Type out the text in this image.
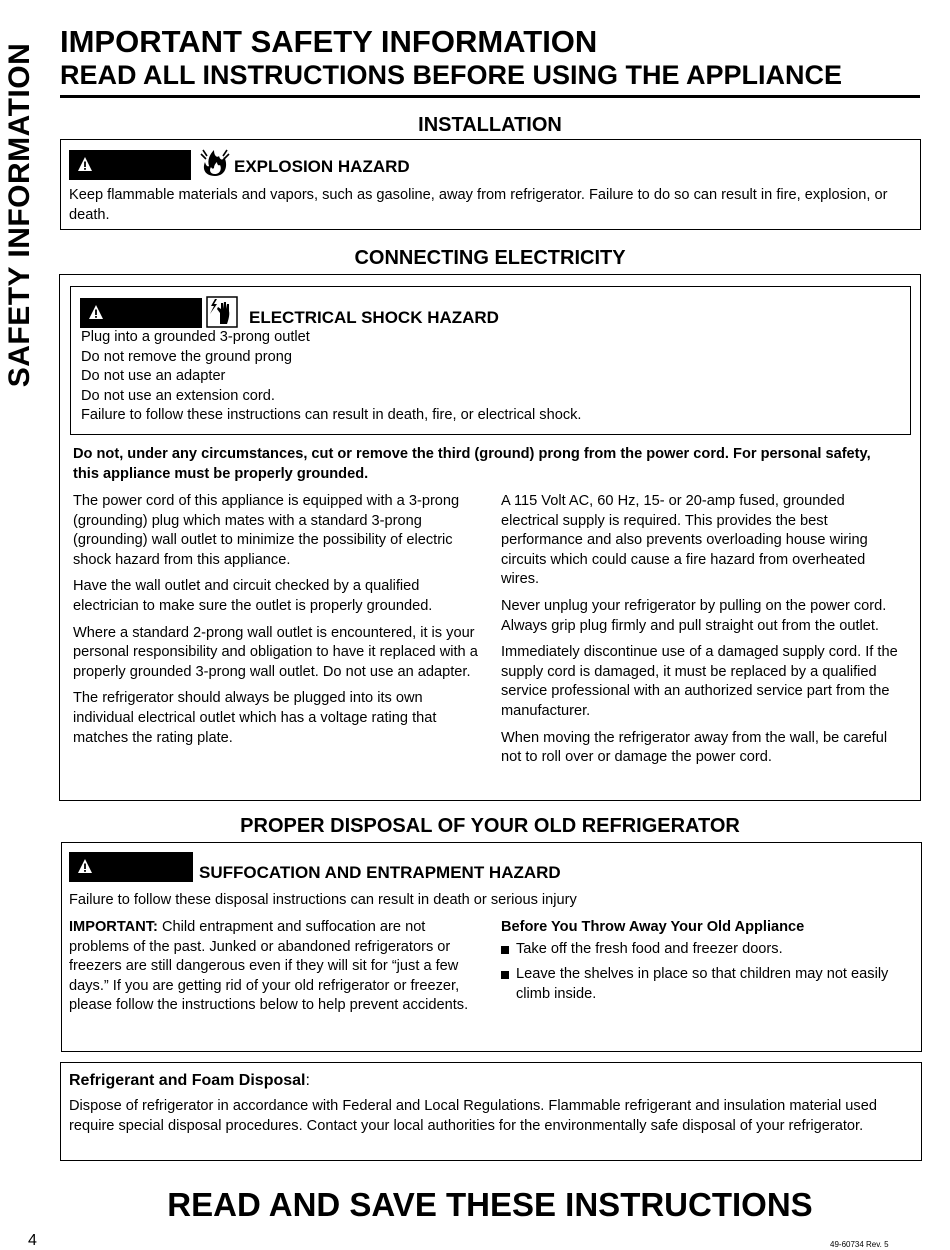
SAFETY INFORMATION
IMPORTANT SAFETY INFORMATION
READ ALL INSTRUCTIONS BEFORE USING THE APPLIANCE
INSTALLATION
EXPLOSION HAZARD
Keep flammable materials and vapors, such as gasoline, away from refrigerator. Failure to do so can result in fire, explosion, or death.
CONNECTING ELECTRICITY
ELECTRICAL SHOCK HAZARD
Plug into a grounded 3-prong outlet
Do not remove the ground prong
Do not use an adapter
Do not use an extension cord.
Failure to follow these instructions can result in death, fire, or electrical shock.
Do not, under any circumstances, cut or remove the third (ground) prong from the power cord. For personal safety, this appliance must be properly grounded.

The power cord of this appliance is equipped with a 3-prong (grounding) plug which mates with a standard 3-prong (grounding) wall outlet to minimize the possibility of electric shock hazard from this appliance.

Have the wall outlet and circuit checked by a qualified electrician to make sure the outlet is properly grounded.

Where a standard 2-prong wall outlet is encountered, it is your personal responsibility and obligation to have it replaced with a properly grounded 3-prong wall outlet. Do not use an adapter.

The refrigerator should always be plugged into its own individual electrical outlet which has a voltage rating that matches the rating plate.

A 115 Volt AC, 60 Hz, 15- or 20-amp fused, grounded electrical supply is required. This provides the best performance and also prevents overloading house wiring circuits which could cause a fire hazard from overheated wires.

Never unplug your refrigerator by pulling on the power cord. Always grip plug firmly and pull straight out from the outlet.

Immediately discontinue use of a damaged supply cord. If the supply cord is damaged, it must be replaced by a qualified service professional with an authorized service part from the manufacturer.

When moving the refrigerator away from the wall, be careful not to roll over or damage the power cord.

PROPER DISPOSAL OF YOUR OLD REFRIGERATOR
SUFFOCATION AND ENTRAPMENT HAZARD
Failure to follow these disposal instructions can result in death or serious injury
IMPORTANT: Child entrapment and suffocation are not problems of the past. Junked or abandoned refrigerators or freezers are still dangerous even if they will sit for “just a few days.” If you are getting rid of your old refrigerator or freezer, please follow the instructions below to help prevent accidents.
Before You Throw Away Your Old Appliance
Take off the fresh food and freezer doors.
Leave the shelves in place so that children may not easily climb inside.
Refrigerant and Foam Disposal:
Dispose of refrigerator in accordance with Federal and Local Regulations. Flammable refrigerant and insulation material used require special disposal procedures. Contact your local authorities for the environmentally safe disposal of your refrigerator.
READ AND SAVE THESE INSTRUCTIONS
4	49-60734 Rev. 5
